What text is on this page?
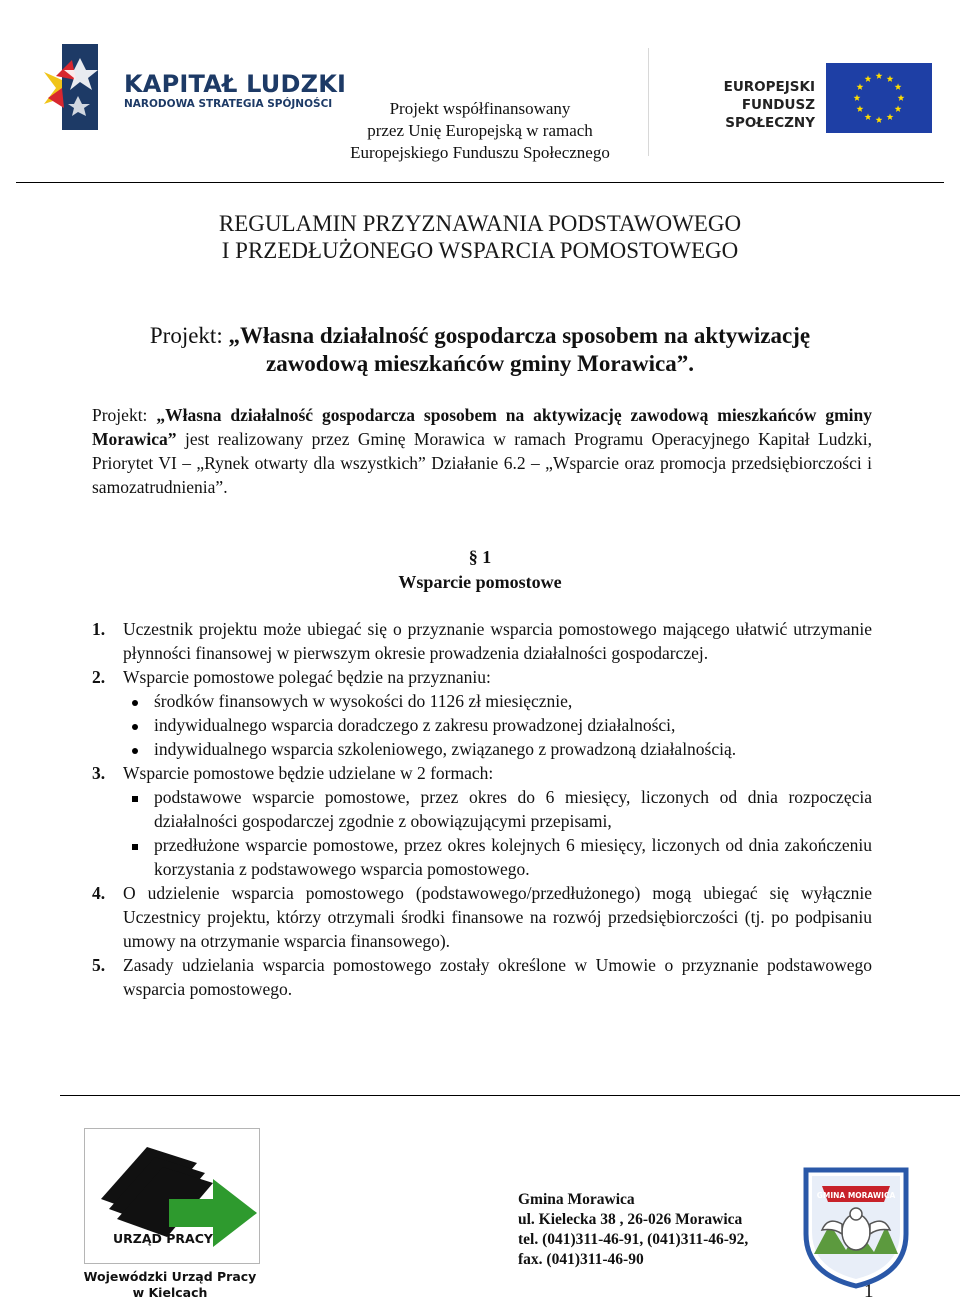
KAPITAŁ LUDZKI
NARODOWA STRATEGIA SPÓJNOŚCI	Projekt współfinansowany
przez Unię Europejską w ramach
Europejskiego Funduszu Społecznego
EUROPEJSKI
FUNDUSZ SPOŁECZNY
REGULAMIN PRZYZNAWANIA PODSTAWOWEGO
I PRZEDŁUŻONEGO WSPARCIA POMOSTOWEGO
Projekt: „Własna działalność gospodarcza sposobem na aktywizację
zawodową mieszkańców gminy Morawica”.
Projekt: „Własna działalność gospodarcza sposobem na aktywizację zawodową mieszkańców gminy Morawica” jest realizowany przez Gminę Morawica w ramach Programu Operacyjnego Kapitał Ludzki, Priorytet VI – „Rynek otwarty dla wszystkich” Działanie 6.2 – „Wsparcie oraz promocja przedsiębiorczości i samozatrudnienia”.
§ 1
Wsparcie pomostowe
1. Uczestnik projektu może ubiegać się o przyznanie wsparcia pomostowego mającego ułatwić utrzymanie płynności finansowej w pierwszym okresie prowadzenia działalności gospodarczej.
2. Wsparcie pomostowe polegać będzie na przyznaniu:
środków finansowych w wysokości do 1126 zł miesięcznie,
indywidualnego wsparcia doradczego z zakresu prowadzonej działalności,
indywidualnego wsparcia szkoleniowego, związanego z prowadzoną działalnością.
3. Wsparcie pomostowe będzie udzielane w 2 formach:
podstawowe wsparcie pomostowe, przez okres do 6 miesięcy, liczonych od dnia rozpoczęcia działalności gospodarczej zgodnie z obowiązującymi przepisami,
przedłużone wsparcie pomostowe, przez okres kolejnych 6 miesięcy, liczonych od dnia zakończeniu korzystania z podstawowego wsparcia pomostowego.
4. O udzielenie wsparcia pomostowego (podstawowego/przedłużonego) mogą ubiegać się wyłącznie Uczestnicy projektu, którzy otrzymali środki finansowe na rozwój przedsiębiorczości (tj. po podpisaniu umowy na otrzymanie wsparcia finansowego).
5. Zasady udzielania wsparcia pomostowego zostały określone w Umowie o przyznanie podstawowego wsparcia pomostowego.
URZĄD PRACY
Wojewódzki Urząd Pracy
w Kielcach
Gmina Morawica
ul. Kielecka 38 , 26-026 Morawica
tel. (041)311-46-91, (041)311-46-92,
fax. (041)311-46-90
GMINA MORAWICA
1
